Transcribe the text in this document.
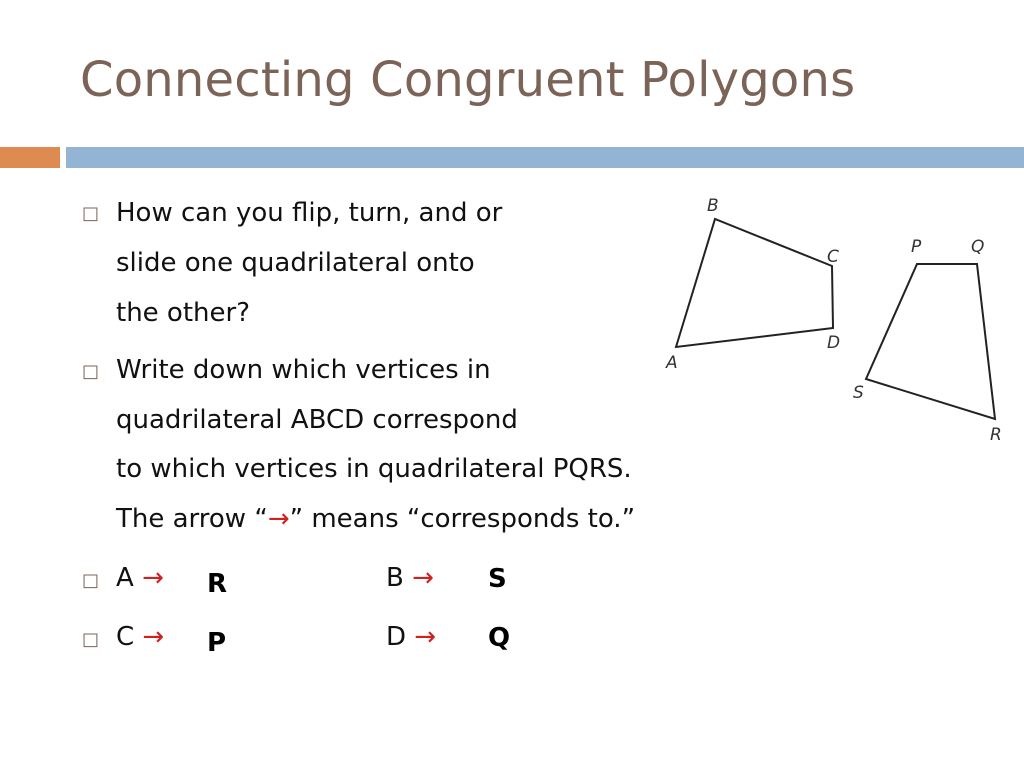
Connecting Congruent Polygons
□ How can you flip, turn, and or
slide one quadrilateral onto
the other?
□ Write down which vertices in
quadrilateral ABCD correspond
to which vertices in quadrilateral PQRS.
The arrow “→” means “corresponds to.”
□ A → R	B → S
□ C → P	D → Q
B
C
D
A
P	Q
S
R
